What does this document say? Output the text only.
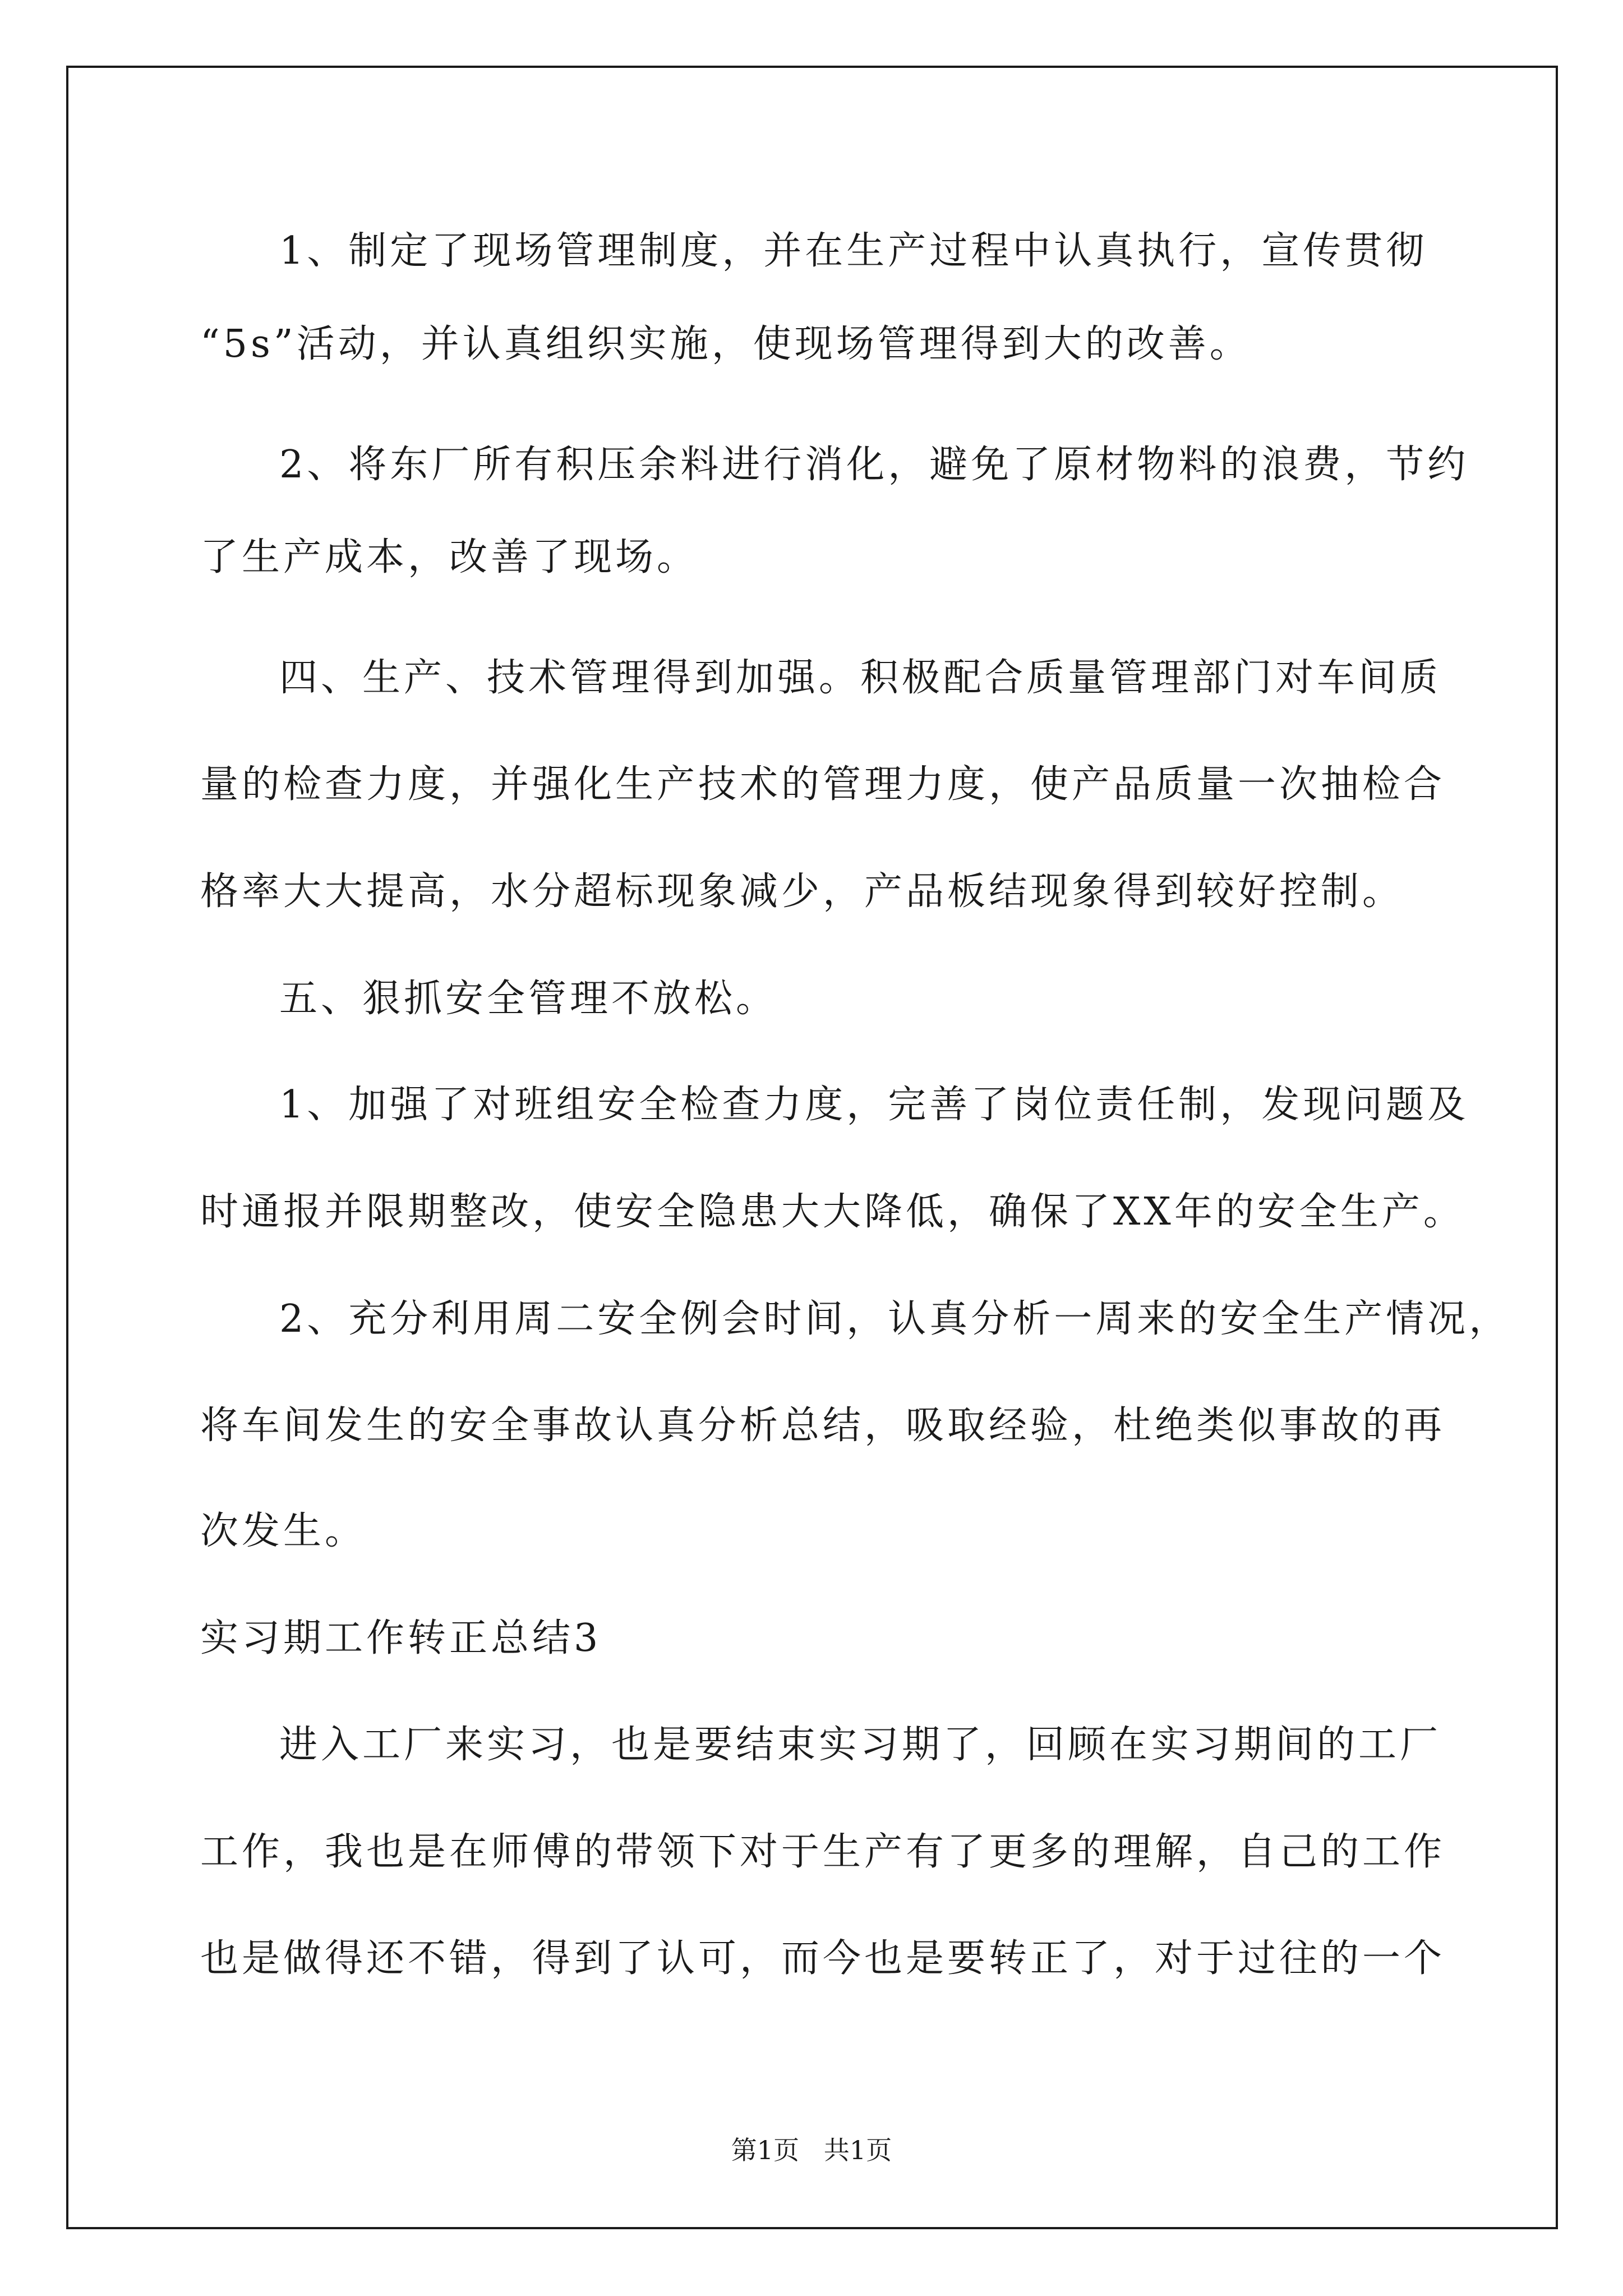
1、制定了现场管理制度，并在生产过程中认真执行，宣传贯彻
“5s”活动，并认真组织实施，使现场管理得到大的改善。
2、将东厂所有积压余料进行消化，避免了原材物料的浪费，节约
了生产成本，改善了现场。
四、生产、技术管理得到加强。积极配合质量管理部门对车间质
量的检查力度，并强化生产技术的管理力度，使产品质量一次抽检合
格率大大提高，水分超标现象减少，产品板结现象得到较好控制。
五、狠抓安全管理不放松。
1、加强了对班组安全检查力度，完善了岗位责任制，发现问题及
时通报并限期整改，使安全隐患大大降低，确保了XX年的安全生产。
2、充分利用周二安全例会时间，认真分析一周来的安全生产情况，
将车间发生的安全事故认真分析总结，吸取经验，杜绝类似事故的再
次发生。
实习期工作转正总结3
进入工厂来实习，也是要结束实习期了，回顾在实习期间的工厂
工作，我也是在师傅的带领下对于生产有了更多的理解，自己的工作
也是做得还不错，得到了认可，而今也是要转正了，对于过往的一个
第1页   共1页
